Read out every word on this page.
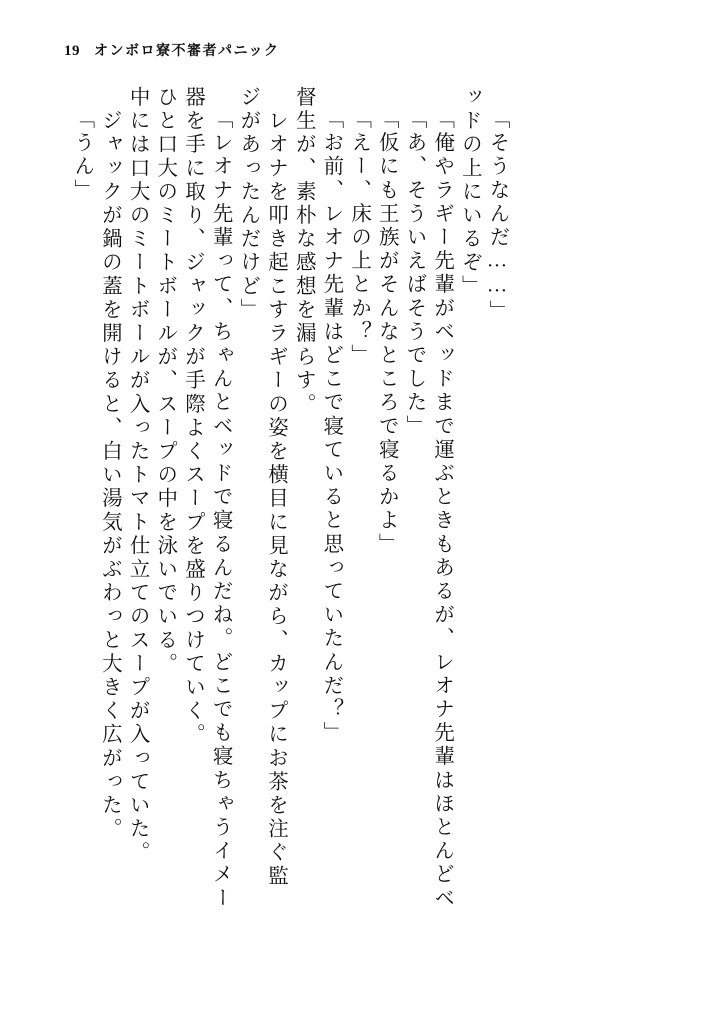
19 オンボロ寮不審者パニック
「うん」 　ジャックが鍋の蓋を開けると、白い湯気がぶわっと大きく広がった。 中には口大のミートボールが入ったトマト仕立てのスープが入っていた。 ひと口大のミートボールが、スープの中を泳いでいる。 器を手に取り、ジャックが手際よくスープを盛りつけていく。 「レオナ先輩って、ちゃんとベッドで寝るんだね。どこでも寝ちゃうイメー ジがあったんだけど」 　レオナを叩き起こすラギーの姿を横目に見ながら、カップにお茶を注ぐ監 督生が、素朴な感想を漏らす。 「お前、レオナ先輩はどこで寝ていると思っていたんだ？」 「えー、床の上とか？」 「仮にも王族がそんなところで寝るかよ」 「あ、そういえばそうでした」 「俺やラギー先輩がベッドまで運ぶときもあるが、レオナ先輩はほとんどベ ッドの上にいるぞ」 「そうなんだ……」
